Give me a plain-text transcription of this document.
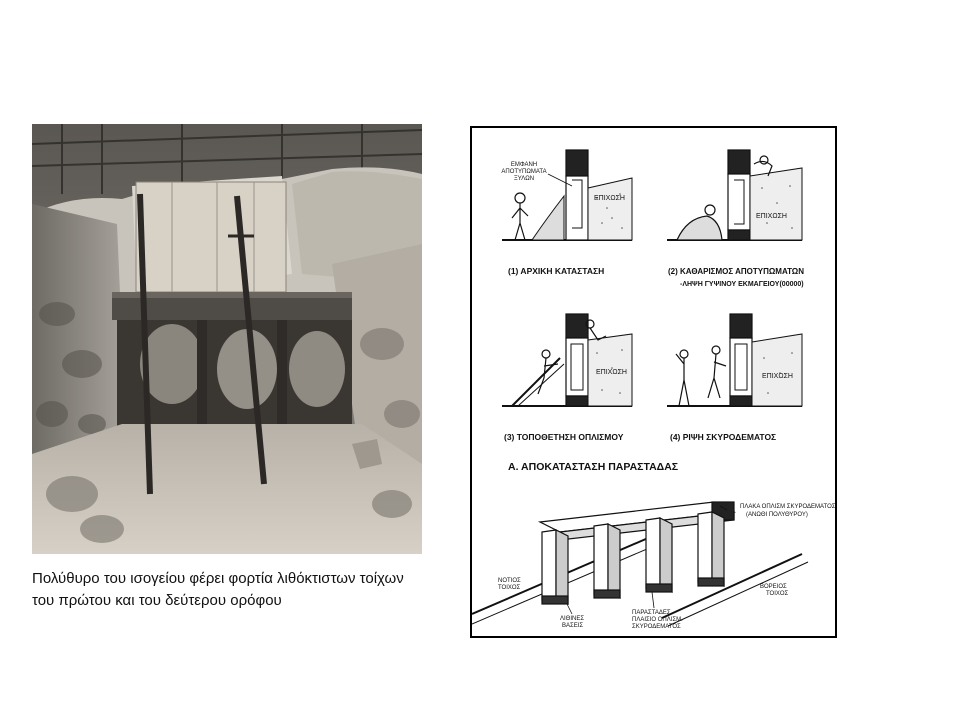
Πολύθυρο του ισογείου φέρει φορτία λιθόκτιστων τοίχων
του πρώτου και του δεύτερου ορόφου
ΕΜΦΑΝΗ
ΑΠΟΤΥΠΩΜΑΤΑ
ΞΥΛΩΝ
ΕΠΙΧΩΣΗ
(1) ΑΡΧΙΚΗ ΚΑΤΑΣΤΑΣΗ
ΕΠΙΧΩΣΗ
(2) ΚΑΘΑΡΙΣΜΟΣ ΑΠΟΤΥΠΩΜΑΤΩΝ
-ΛΗΨΗ ΓΥΨΙΝΟΥ ΕΚΜΑΓΕΙΟΥ(00000)
ΕΠΙΧΩΣΗ
(3) ΤΟΠΟΘΕΤΗΣΗ ΟΠΛΙΣΜΟΥ
ΕΠΙΧΩΣΗ
(4) ΡΙΨΗ ΣΚΥΡΟΔΕΜΑΤΟΣ
Α. ΑΠΟΚΑΤΑΣΤΑΣΗ ΠΑΡΑΣΤΑΔΑΣ
ΠΛΑΚΑ ΟΠΛΙΣΜ ΣΚΥΡΟΔΕΜΑΤΟΣ
(ΑΝΩΘΙ ΠΟΛΥΘΥΡΟΥ)
ΝΟΤΙΟΣ
ΤΟΙΧΟΣ	ΒΟΡΕΙΟΣ
ΤΟΙΧΟΣ
ΛΙΘΙΝΕΣ
ΒΑΣΕΙΣ
ΠΑΡΑΣΤΑΔΕΣ
ΠΛΑΙΣΙΟ ΟΠΛΙΣΜ.
ΣΚΥΡΟΔΕΜΑΤΟΣ
